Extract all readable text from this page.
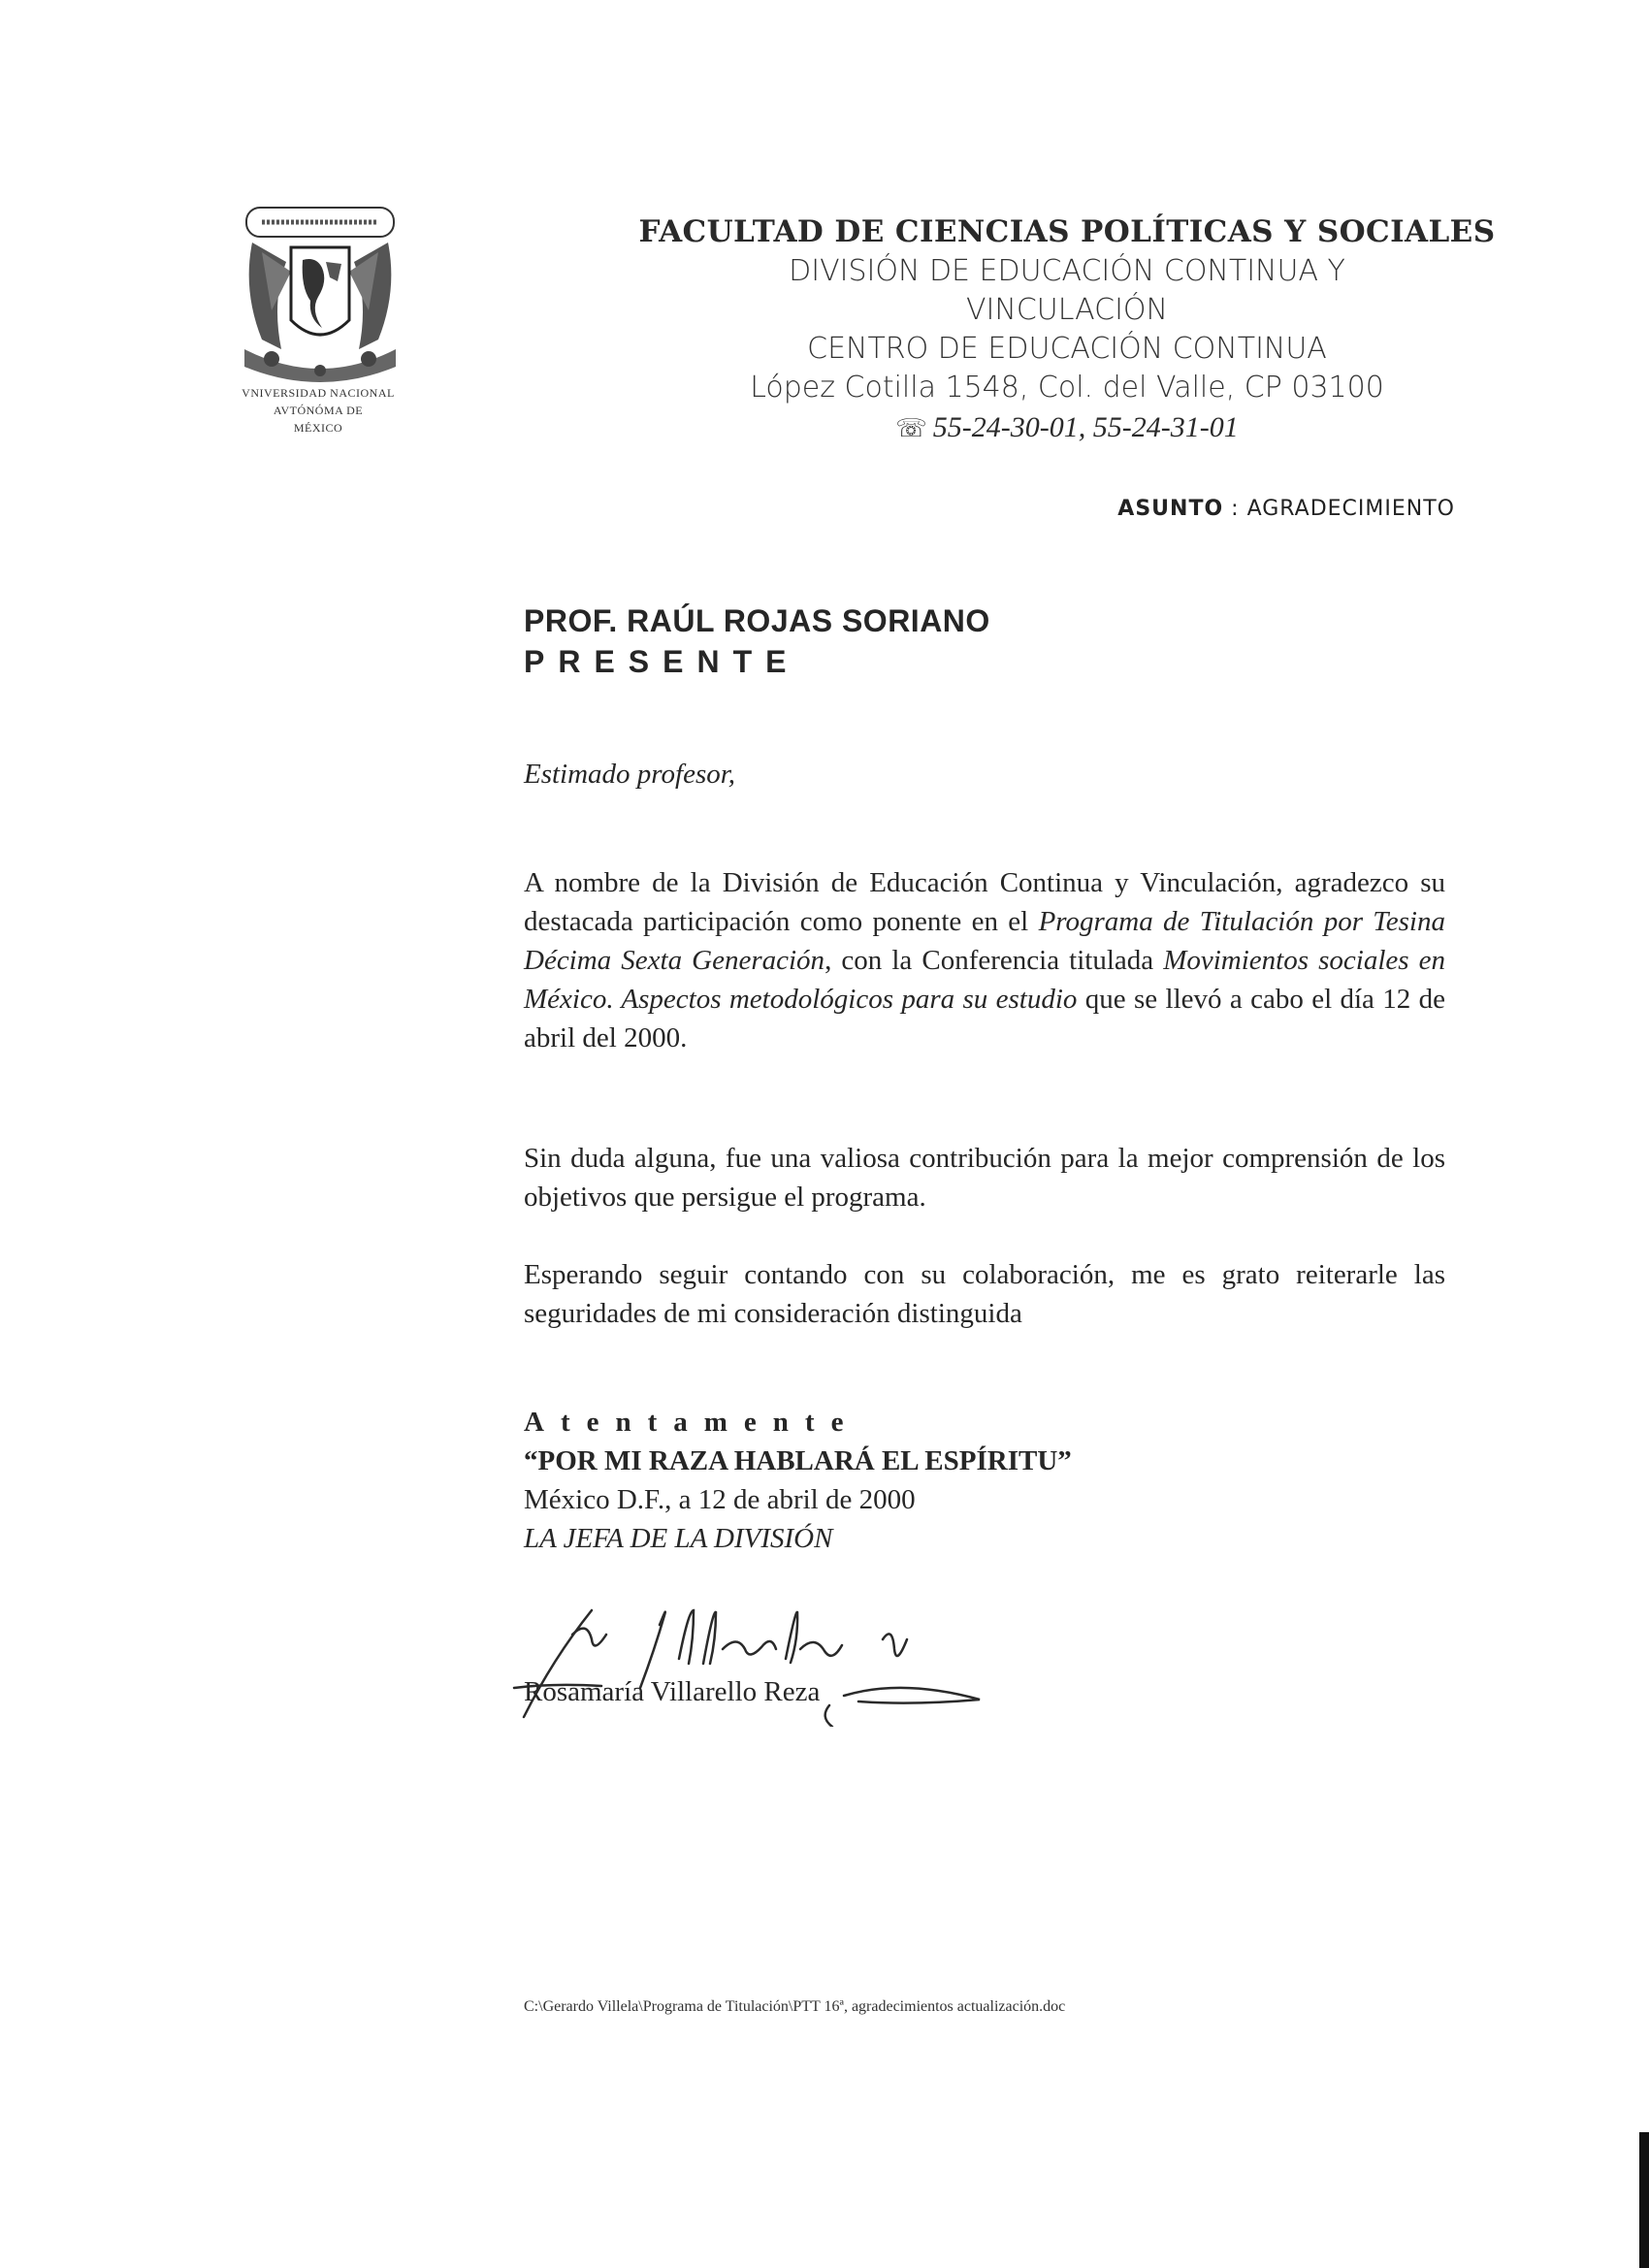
VNIVERSIDAD NACIONAL
AVTÓNÓMA DE
MÉXICO
FACULTAD DE CIENCIAS POLÍTICAS Y SOCIALES
DIVISIÓN DE EDUCACIÓN CONTINUA Y
VINCULACIÓN
CENTRO DE EDUCACIÓN CONTINUA
López Cotilla 1548, Col. del Valle, CP 03100
☏ 55-24-30-01, 55-24-31-01
ASUNTO : AGRADECIMIENTO
PROF. RAÚL ROJAS SORIANO
PRESENTE
Estimado profesor,
A nombre de la División de Educación Continua y Vinculación, agradezco su destacada participación como ponente en el Programa de Titulación por Tesina Décima Sexta Generación, con la Conferencia titulada Movimientos sociales en México. Aspectos metodológicos para su estudio que se llevó a cabo el día 12 de abril del 2000.
Sin duda alguna, fue una valiosa contribución para la mejor comprensión de los objetivos que persigue el programa.
Esperando seguir contando con su colaboración, me es grato reiterarle las seguridades de mi consideración distinguida
Atentamente
“POR MI RAZA HABLARÁ EL ESPÍRITU”
México D.F., a 12 de abril de 2000
LA JEFA DE LA DIVISIÓN
Rosamaría Villarello Reza
C:\Gerardo Villela\Programa de Titulación\PTT 16ª, agradecimientos actualización.doc
